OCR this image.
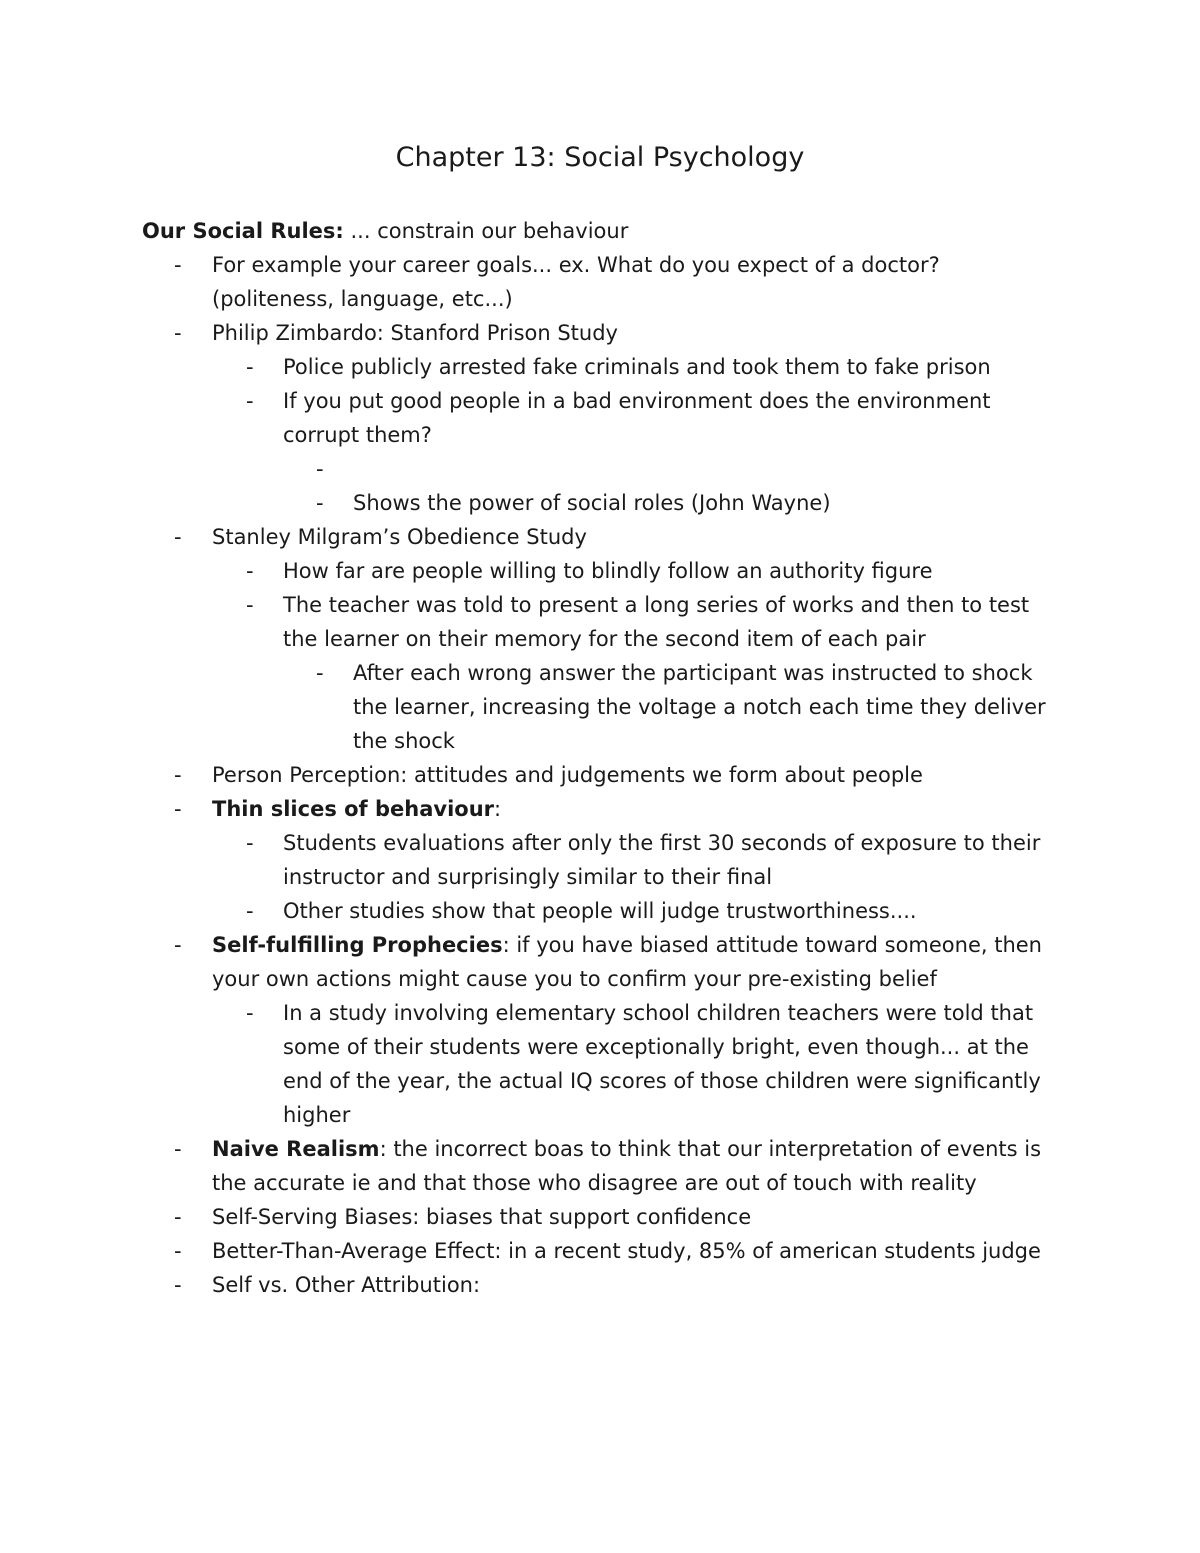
Chapter 13: Social Psychology

Our Social Rules: ... constrain our behaviour

-	For example your career goals... ex. What do you expect of a doctor? (politeness, language, etc...)
-	Philip Zimbardo: Stanford Prison Study
-	Police publicly arrested fake criminals and took them to fake prison
-	If you put good people in a bad environment does the environment corrupt them?
-
-	Shows the power of social roles (John Wayne)
-	Stanley Milgram’s Obedience Study
-	How far are people willing to blindly follow an authority figure
-	The teacher was told to present a long series of works and then to test the learner on their memory for the second item of each pair
-	After each wrong answer the participant was instructed to shock the learner, increasing the voltage a notch each time they deliver the shock
-	Person Perception: attitudes and judgements we form about people
-	Thin slices of behaviour:
-	Students evaluations after only the first 30 seconds of exposure to their instructor and surprisingly similar to their final
-	Other studies show that people will judge trustworthiness....
-	Self-fulfilling Prophecies: if you have biased attitude toward someone, then your own actions might cause you to confirm your pre-existing belief
-	In a study involving elementary school children teachers were told that some of their students were exceptionally bright, even though... at the end of the year, the actual IQ scores of those children were significantly higher
-	Naive Realism: the incorrect boas to think that our interpretation of events is the accurate ie and that those who disagree are out of touch with reality
-	Self-Serving Biases: biases that support confidence
-	Better-Than-Average Effect: in a recent study, 85% of american students judge
-	Self vs. Other Attribution:
